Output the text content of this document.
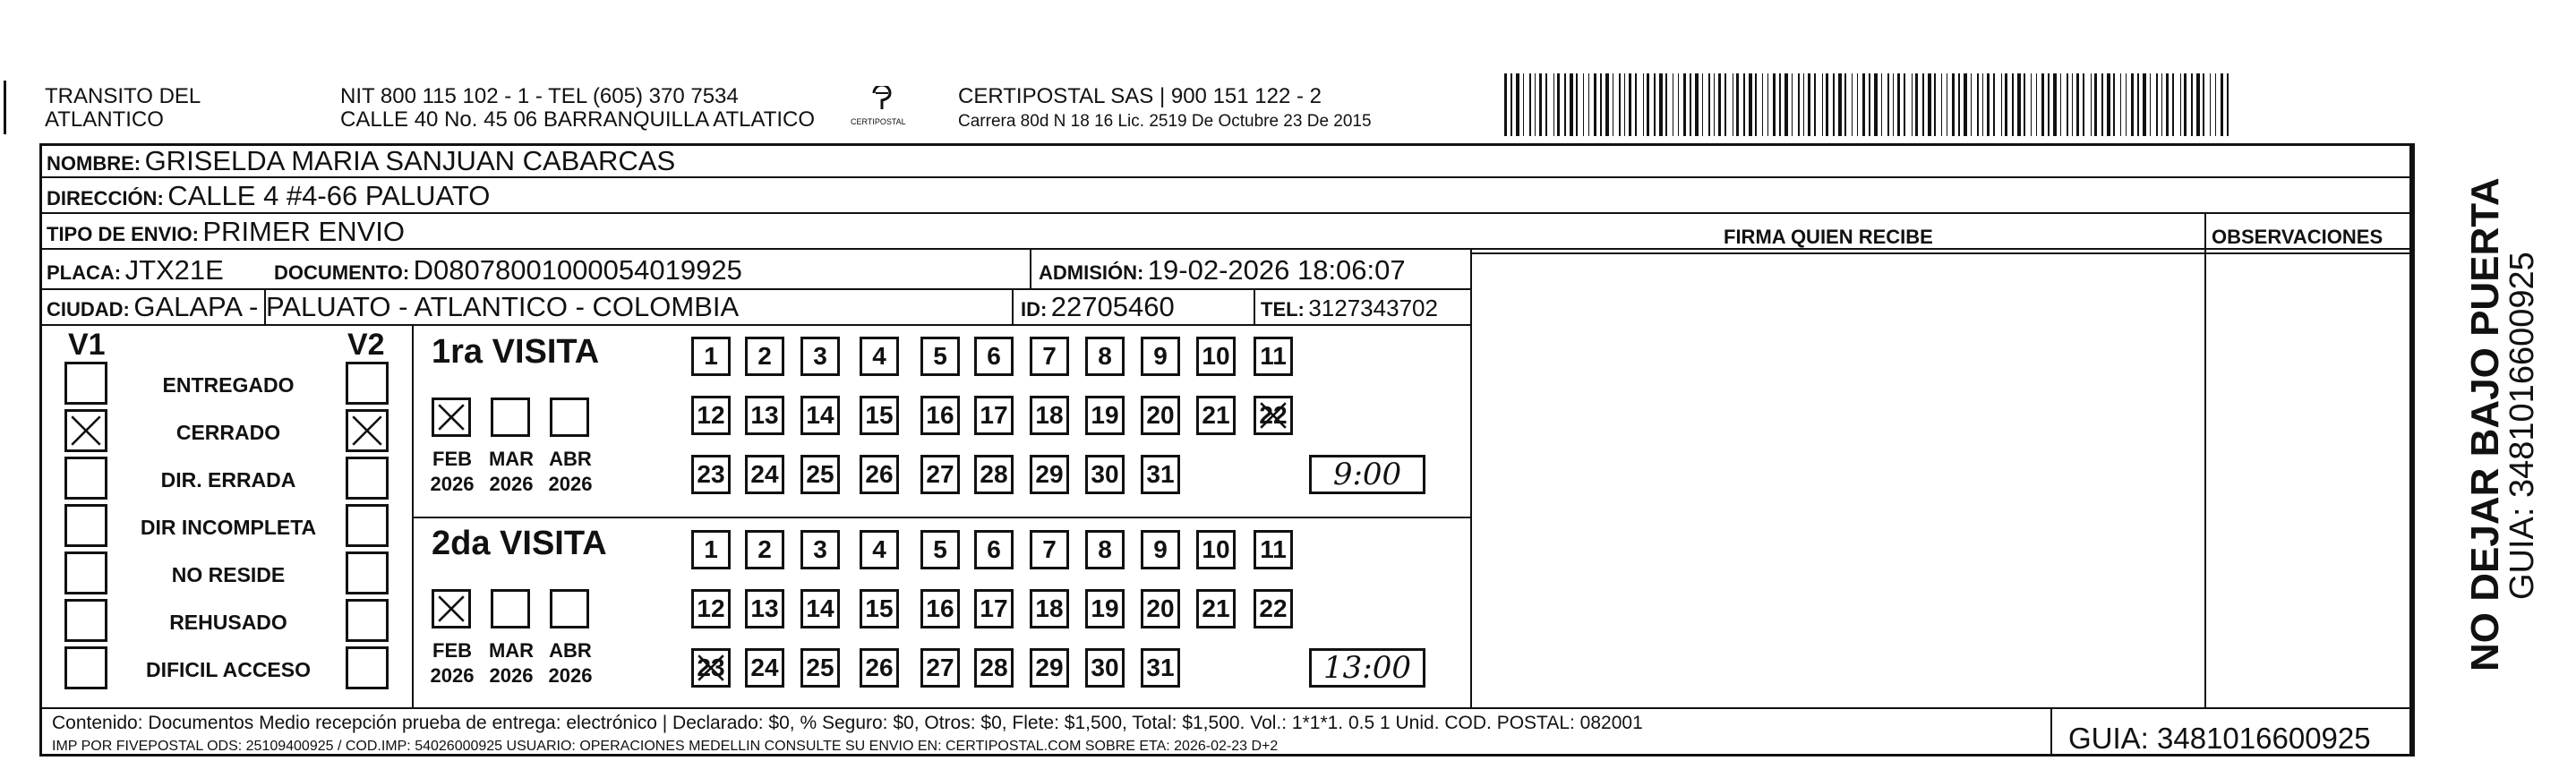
TRANSITO DEL
ATLANTICO
NIT 800 115 102 - 1 - TEL (605) 370 7534
CALLE 40 No. 45 06 BARRANQUILLA ATLATICO	CERTIPOSTAL
CERTIPOSTAL SAS | 900 151 122 - 2
Carrera 80d N 18 16 Lic. 2519 De Octubre 23 De 2015
NOMBRE: GRISELDA MARIA SANJUAN CABARCAS
DIRECCIÓN: CALLE 4 #4-66 PALUATO
TIPO DE ENVIO: PRIMER ENVIO
PLACA: JTX21E	DOCUMENTO: D08078001000054019925	ADMISIÓN: 19-02-2026 18:06:07
CIUDAD: GALAPA - PALUATO - ATLANTICO - COLOMBIA	ID: 22705460	TEL: 3127343702
FIRMA QUIEN RECIBE	OBSERVACIONES
V1	V2
ENTREGADO
CERRADO
DIR. ERRADA
DIR INCOMPLETA
NO RESIDE
REHUSADO
DIFICIL ACCESO
1ra VISITA
FEB
2026
MAR
2026
ABR
2026
1	2	3	4	5	6	7	8	9	10 11
12 13 14 15 16 17 18 19 20 21 22
23 24 25 26 27 28 29 30 31	9:00
2da VISITA
FEB
2026
MAR
2026
ABR
2026
1	2	3	4	5	6	7	8	9	10 11
12 13 14 15 16 17 18 19 20 21 22
23 24 25 26 27 28 29 30 31	13:00	NO DEJAR BAJO PUERTA
GUIA: 3481016600925
Contenido: Documentos Medio recepción prueba de entrega: electrónico | Declarado: $0, % Seguro: $0, Otros: $0, Flete: $1,500, Total: $1,500. Vol.: 1*1*1. 0.5 1 Unid. COD. POSTAL: 082001
IMP POR FIVEPOSTAL ODS: 25109400925 / COD.IMP: 54026000925 USUARIO: OPERACIONES MEDELLIN CONSULTE SU ENVIO EN: CERTIPOSTAL.COM SOBRE ETA: 2026-02-23 D+2	GUIA: 3481016600925
